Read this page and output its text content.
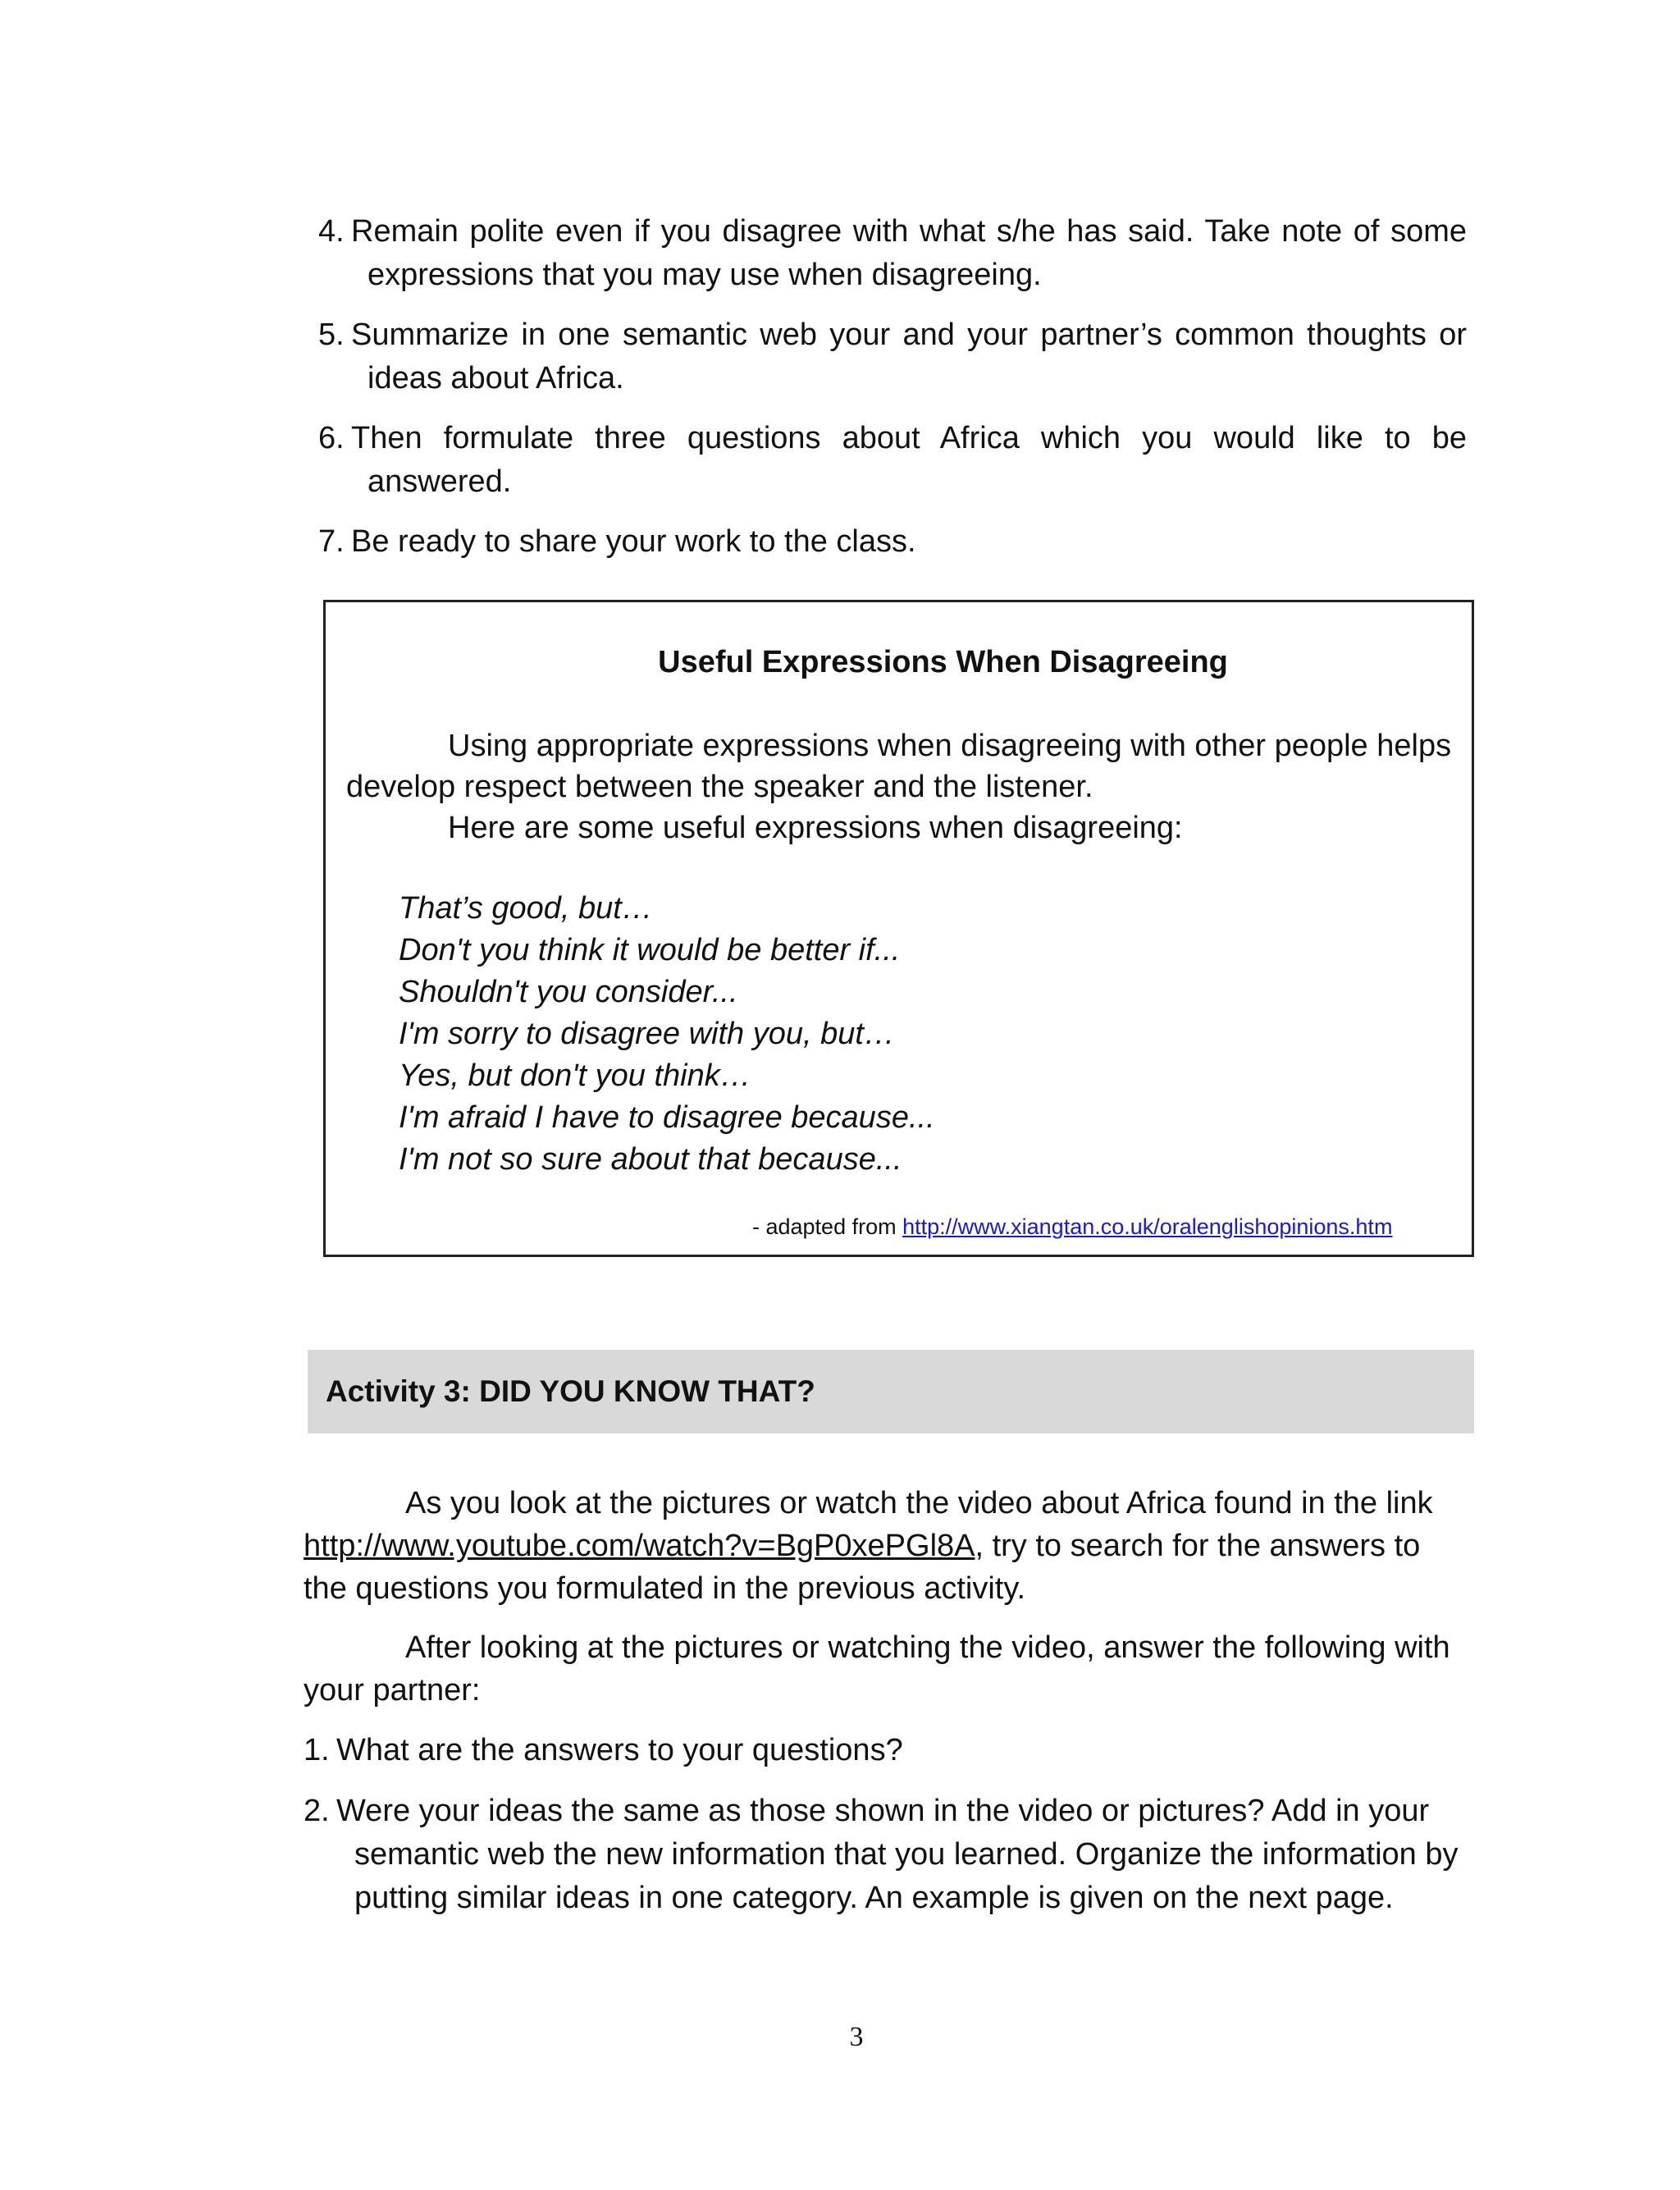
4. Remain polite even if you disagree with what s/he has said. Take note of some expressions that you may use when disagreeing.
5. Summarize in one semantic web your and your partner’s common thoughts or ideas about Africa.
6. Then formulate three questions about Africa which you would like to be answered.
7. Be ready to share your work to the class.
Useful Expressions When Disagreeing

Using appropriate expressions when disagreeing with other people helps develop respect between the speaker and the listener.
Here are some useful expressions when disagreeing:

That’s good, but…
Don't you think it would be better if...
Shouldn't you consider...
I'm sorry to disagree with you, but…
Yes, but don't you think…
I'm afraid I have to disagree because...
I'm not so sure about that because...
- adapted from http://www.xiangtan.co.uk/oralenglishopinions.htm
Activity 3: DID YOU KNOW THAT?

As you look at the pictures or watch the video about Africa found in the link
http://www.youtube.com/watch?v=BgP0xePGl8A, try to search for the answers to the questions you formulated in the previous activity.

After looking at the pictures or watching the video, answer the following with your partner:

1. What are the answers to your questions?
2. Were your ideas the same as those shown in the video or pictures? Add in your semantic web the new information that you learned. Organize the information by putting similar ideas in one category. An example is given on the next page.
3
